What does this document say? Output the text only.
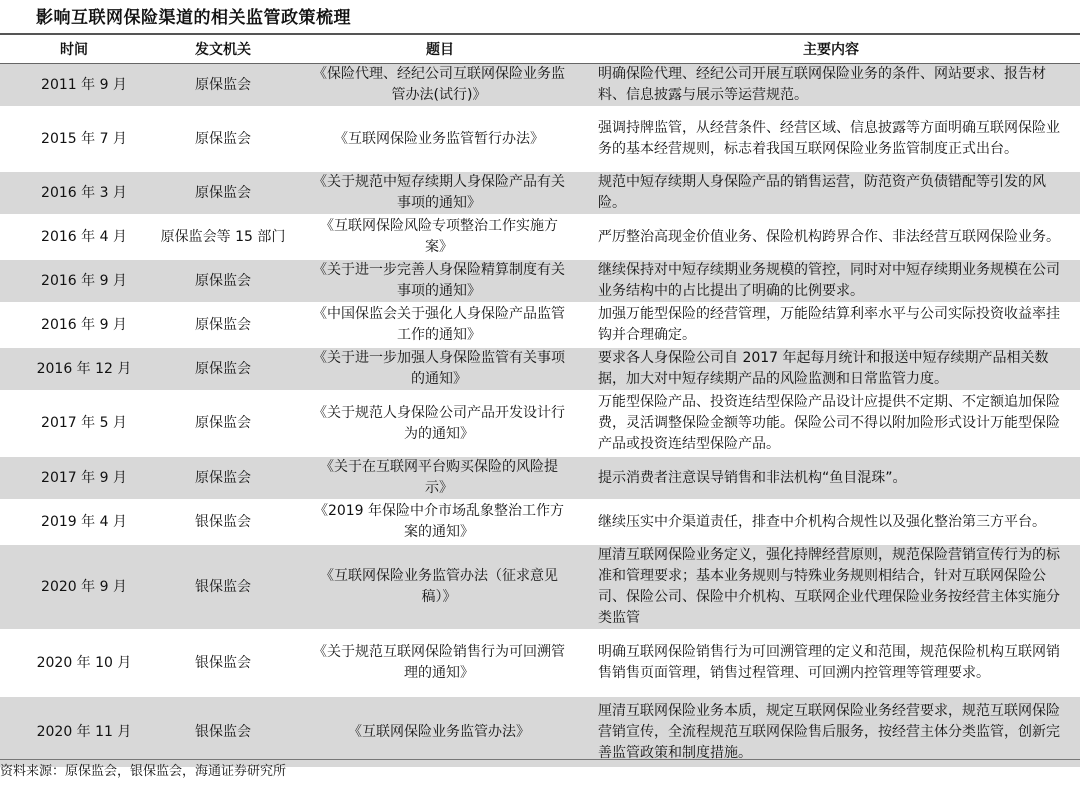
影响互联网保险渠道的相关监管政策梳理
时间	发文机关	题目	主要内容
2011 年 9 月	原保监会	《保险代理、经纪公司互联网保险业务监管办法(试行)》	明确保险代理、经纪公司开展互联网保险业务的条件、网站要求、报告材料、信息披露与展示等运营规范。
2015 年 7 月	原保监会	《互联网保险业务监管暂行办法》	强调持牌监管，从经营条件、经营区域、信息披露等方面明确互联网保险业务的基本经营规则，标志着我国互联网保险业务监管制度正式出台。
2016 年 3 月	原保监会	《关于规范中短存续期人身保险产品有关事项的通知》	规范中短存续期人身保险产品的销售运营，防范资产负债错配等引发的风险。
2016 年 4 月	原保监会等 15 部门	《互联网保险风险专项整治工作实施方案》	严厉整治高现金价值业务、保险机构跨界合作、非法经营互联网保险业务。
2016 年 9 月	原保监会	《关于进一步完善人身保险精算制度有关事项的通知》	继续保持对中短存续期业务规模的管控，同时对中短存续期业务规模在公司业务结构中的占比提出了明确的比例要求。
2016 年 9 月	原保监会	《中国保监会关于强化人身保险产品监管工作的通知》	加强万能型保险的经营管理，万能险结算利率水平与公司实际投资收益率挂钩并合理确定。
2016 年 12 月	原保监会	《关于进一步加强人身保险监管有关事项的通知》	要求各人身保险公司自 2017 年起每月统计和报送中短存续期产品相关数据，加大对中短存续期产品的风险监测和日常监管力度。
2017 年 5 月	原保监会	《关于规范人身保险公司产品开发设计行为的通知》	万能型保险产品、投资连结型保险产品设计应提供不定期、不定额追加保险费，灵活调整保险金额等功能。保险公司不得以附加险形式设计万能型保险产品或投资连结型保险产品。
2017 年 9 月	原保监会	《关于在互联网平台购买保险的风险提示》	提示消费者注意误导销售和非法机构“鱼目混珠”。
2019 年 4 月	银保监会	《2019 年保险中介市场乱象整治工作方案的通知》	继续压实中介渠道责任，排查中介机构合规性以及强化整治第三方平台。
2020 年 9 月	银保监会	《互联网保险业务监管办法（征求意见稿）》	厘清互联网保险业务定义，强化持牌经营原则，规范保险营销宣传行为的标准和管理要求；基本业务规则与特殊业务规则相结合，针对互联网保险公司、保险公司、保险中介机构、互联网企业代理保险业务按经营主体实施分类监管
2020 年 10 月	银保监会	《关于规范互联网保险销售行为可回溯管理的通知》	明确互联网保险销售行为可回溯管理的定义和范围，规范保险机构互联网销售销售页面管理，销售过程管理、可回溯内控管理等管理要求。
2020 年 11 月	银保监会	《互联网保险业务监管办法》	厘清互联网保险业务本质，规定互联网保险业务经营要求，规范互联网保险营销宣传，全流程规范互联网保险售后服务，按经营主体分类监管，创新完善监管政策和制度措施。
资料来源：原保监会，银保监会，海通证券研究所
